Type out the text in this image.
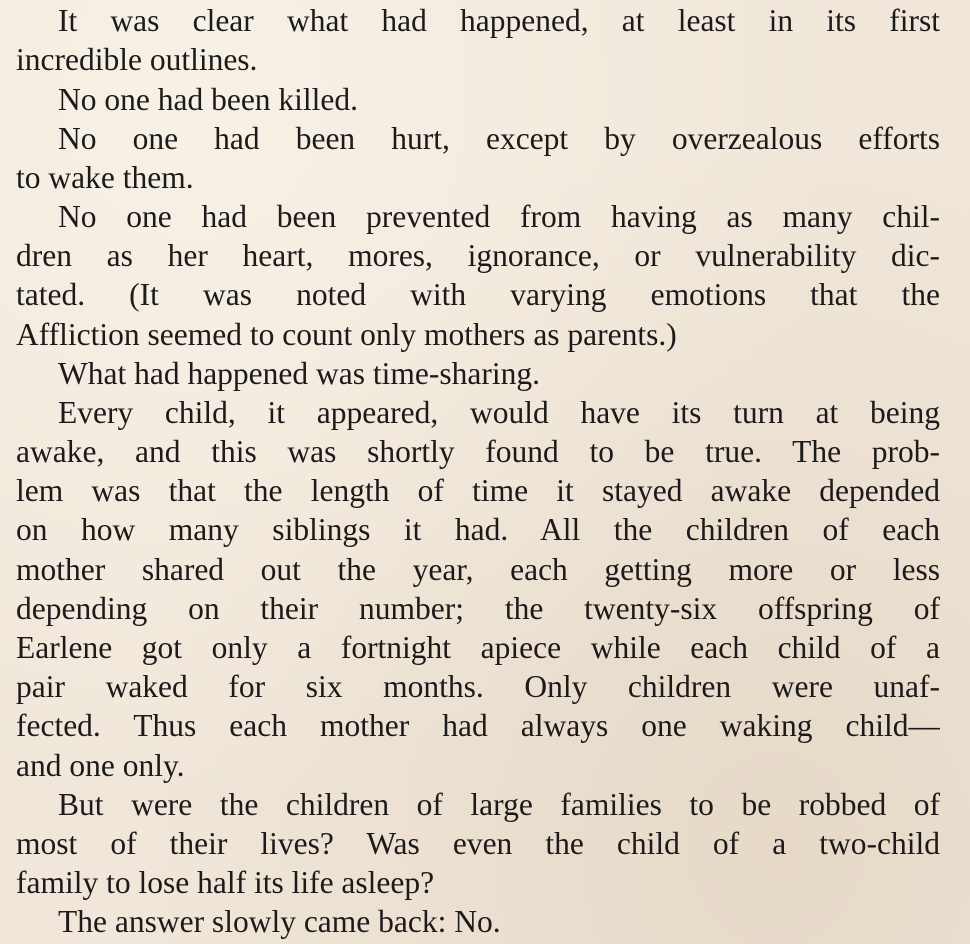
It was clear what had happened, at least in its first
incredible outlines.
No one had been killed.
No one had been hurt, except by overzealous efforts
to wake them.
No one had been prevented from having as many chil-
dren as her heart, mores, ignorance, or vulnerability dic-
tated. (It was noted with varying emotions that the
Affliction seemed to count only mothers as parents.)
What had happened was time-sharing.
Every child, it appeared, would have its turn at being
awake, and this was shortly found to be true. The prob-
lem was that the length of time it stayed awake depended
on how many siblings it had. All the children of each
mother shared out the year, each getting more or less
depending on their number; the twenty-six offspring of
Earlene got only a fortnight apiece while each child of a
pair waked for six months. Only children were unaf-
fected. Thus each mother had always one waking child—
and one only.
But were the children of large families to be robbed of
most of their lives? Was even the child of a two-child
family to lose half its life asleep?
The answer slowly came back: No.
